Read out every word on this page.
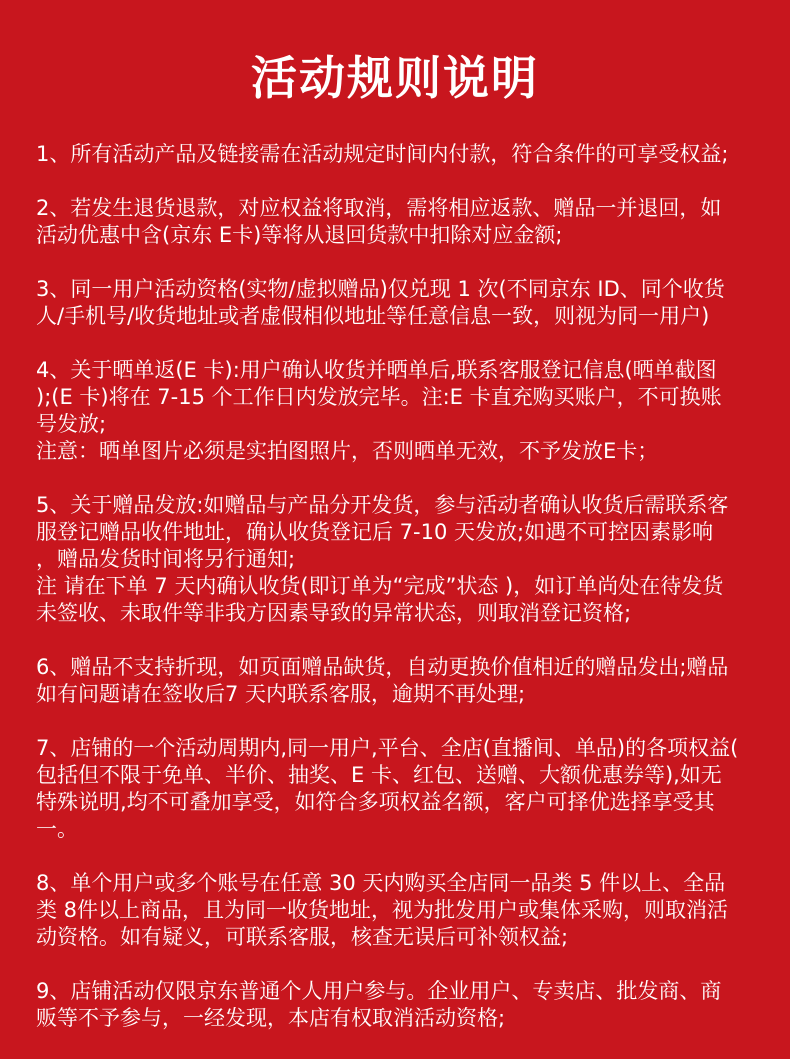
活动规则说明
1、所有活动产品及链接需在活动规定时间内付款，符合条件的可享受权益;
2、若发生退货退款，对应权益将取消，需将相应返款、赠品一并退回，如
活动优惠中含(京东 E卡)等将从退回货款中扣除对应金额;
3、同一用户活动资格(实物/虚拟赠品)仅兑现 1 次(不同京东 ID、同个收货
人/手机号/收货地址或者虚假相似地址等任意信息一致，则视为同一用户)
4、关于晒单返(E 卡):用户确认收货并晒单后,联系客服登记信息(晒单截图
);(E 卡)将在 7-15 个工作日内发放完毕。注:E 卡直充购买账户，不可换账
号发放;
注意：晒单图片必须是实拍图照片，否则晒单无效，不予发放E卡；
5、关于赠品发放:如赠品与产品分开发货，参与活动者确认收货后需联系客
服登记赠品收件地址，确认收货登记后 7-10 天发放;如遇不可控因素影响
，赠品发货时间将另行通知;
注 请在下单 7 天内确认收货(即订单为“完成”状态 )，如订单尚处在待发货
未签收、未取件等非我方因素导致的异常状态，则取消登记资格;
6、赠品不支持折现，如页面赠品缺货，自动更换价值相近的赠品发出;赠品
如有问题请在签收后7 天内联系客服，逾期不再处理;
7、店铺的一个活动周期内,同一用户,平台、全店(直播间、单品)的各项权益(
包括但不限于免单、半价、抽奖、E 卡、红包、送赠、大额优惠券等),如无
特殊说明,均不可叠加享受，如符合多项权益名额，客户可择优选择享受其
一。
8、单个用户或多个账号在任意 30 天内购买全店同一品类 5 件以上、全品
类 8件以上商品，且为同一收货地址，视为批发用户或集体采购，则取消活
动资格。如有疑义，可联系客服，核查无误后可补领权益;
9、店铺活动仅限京东普通个人用户参与。企业用户、专卖店、批发商、商
贩等不予参与，一经发现，本店有权取消活动资格;
